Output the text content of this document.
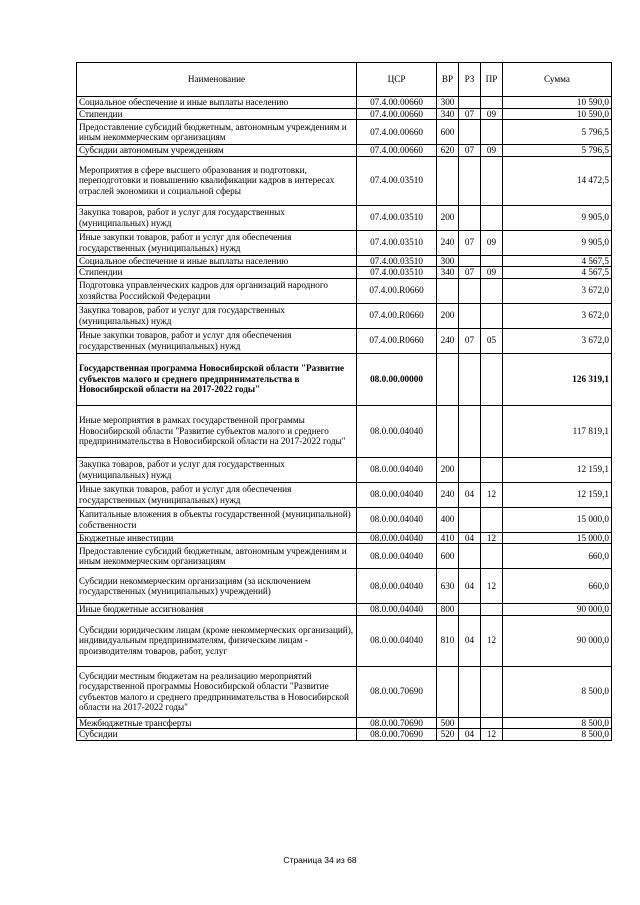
Наименование	ЦСР	ВР	РЗ	ПР	Сумма
Социальное обеспечение и иные выплаты населению	07.4.00.00660	300			10 590,0
Стипендии	07.4.00.00660	340	07	09	10 590,0
Предоставление субсидий бюджетным, автономным учреждениям и иным некоммерческим организациям	07.4.00.00660	600			5 796,5
Субсидии автономным учреждениям	07.4.00.00660	620	07	09	5 796,5
Мероприятия в сфере высшего образования и подготовки, переподготовки и повышению квалификации кадров в интересах отраслей экономики и социальной сферы	07.4.00.03510				14 472,5
Закупка товаров, работ и услуг для государственных (муниципальных) нужд	07.4.00.03510	200			9 905,0
Иные закупки товаров, работ и услуг для обеспечения государственных (муниципальных) нужд	07.4.00.03510	240	07	09	9 905,0
Социальное обеспечение и иные выплаты населению	07.4.00.03510	300			4 567,5
Стипендии	07.4.00.03510	340	07	09	4 567,5
Подготовка управленческих кадров для организаций народного хозяйства Российской Федерации	07.4.00.R0660				3 672,0
Закупка товаров, работ и услуг для государственных (муниципальных) нужд	07.4.00.R0660	200			3 672,0
Иные закупки товаров, работ и услуг для обеспечения государственных (муниципальных) нужд	07.4.00.R0660	240	07	05	3 672,0
Государственная программа Новосибирской области "Развитие субъектов малого и среднего предпринимательства в Новосибирской области на 2017-2022 годы"	08.0.00.00000				126 319,1
Иные мероприятия в рамках государственной программы Новосибирской области "Развитие субъектов малого и среднего предпринимательства в Новосибирской области на 2017-2022 годы"	08.0.00.04040				117 819,1
Закупка товаров, работ и услуг для государственных (муниципальных) нужд	08.0.00.04040	200			12 159,1
Иные закупки товаров, работ и услуг для обеспечения государственных (муниципальных) нужд	08.0.00.04040	240	04	12	12 159,1
Капитальные вложения в объекты государственной (муниципальной) собственности	08.0.00.04040	400			15 000,0
Бюджетные инвестиции	08.0.00.04040	410	04	12	15 000,0
Предоставление субсидий бюджетным, автономным учреждениям и иным некоммерческим организациям	08.0.00.04040	600			660,0
Субсидии некоммерческим организациям (за исключением государственных (муниципальных) учреждений)	08.0.00.04040	630	04	12	660,0
Иные бюджетные ассигнования	08.0.00.04040	800			90 000,0
Субсидии юридическим лицам (кроме некоммерческих организаций), индивидуальным предпринимателям, физическим лицам - производителям товаров, работ, услуг	08.0.00.04040	810	04	12	90 000,0
Субсидии местным бюджетам на реализацию мероприятий государственной программы Новосибирской области "Развитие субъектов малого и среднего предпринимательства в Новосибирской области на 2017-2022 годы"	08.0.00.70690				8 500,0
Межбюджетные трансферты	08.0.00.70690	500			8 500,0
Субсидии	08.0.00.70690	520	04	12	8 500,0
Страница 34 из 68
